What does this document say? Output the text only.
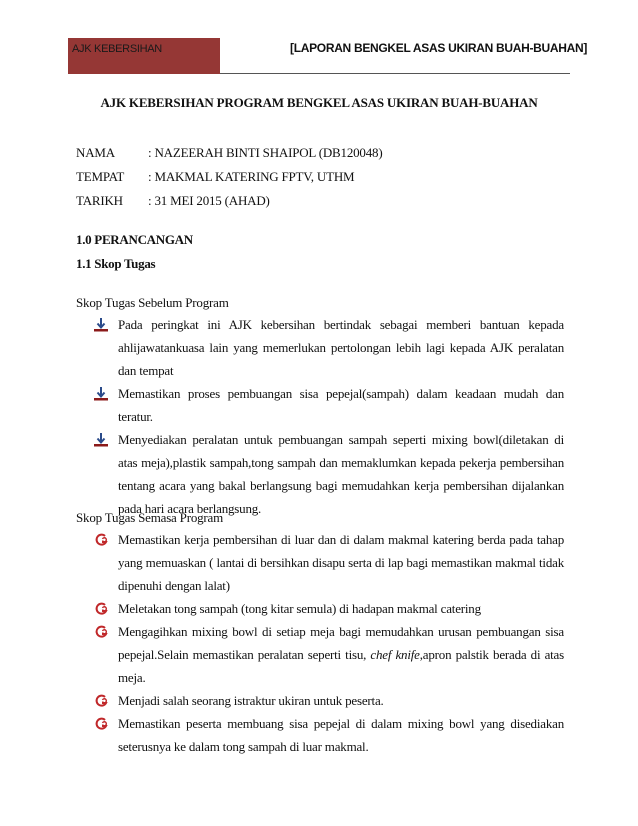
AJK KEBERSIHAN	[LAPORAN BENGKEL ASAS UKIRAN BUAH-BUAHAN]
AJK KEBERSIHAN PROGRAM BENGKEL ASAS UKIRAN BUAH-BUAHAN
NAMA	: NAZEERAH BINTI SHAIPOL (DB120048)
TEMPAT : MAKMAL KATERING FPTV, UTHM
TARIKH : 31 MEI 2015 (AHAD)
1.0 PERANCANGAN
1.1 Skop Tugas
Skop Tugas Sebelum Program
Pada peringkat ini AJK kebersihan bertindak sebagai memberi bantuan kepada ahlijawatankuasa lain yang memerlukan pertolongan lebih lagi kepada AJK peralatan dan tempat
Memastikan proses pembuangan sisa pepejal(sampah) dalam keadaan mudah dan teratur.
Menyediakan peralatan untuk pembuangan sampah seperti mixing bowl(diletakan di atas meja),plastik sampah,tong sampah dan memaklumkan kepada pekerja pembersihan tentang acara yang bakal berlangsung bagi memudahkan kerja pembersihan dijalankan pada hari acara berlangsung.
Skop Tugas Semasa Program
Memastikan kerja pembersihan di luar dan di dalam makmal katering berda pada tahap yang memuaskan ( lantai di bersihkan disapu serta di lap bagi memastikan makmal tidak dipenuhi dengan lalat)
Meletakan tong sampah (tong kitar semula) di hadapan makmal catering
Mengagihkan mixing bowl di setiap meja bagi memudahkan urusan pembuangan sisa pepejal.Selain memastikan peralatan seperti tisu, chef knife,apron palstik berada di atas meja.
Menjadi salah seorang istraktur ukiran untuk peserta.
Memastikan peserta membuang sisa pepejal di dalam mixing bowl yang disediakan seterusnya ke dalam tong sampah di luar makmal.
